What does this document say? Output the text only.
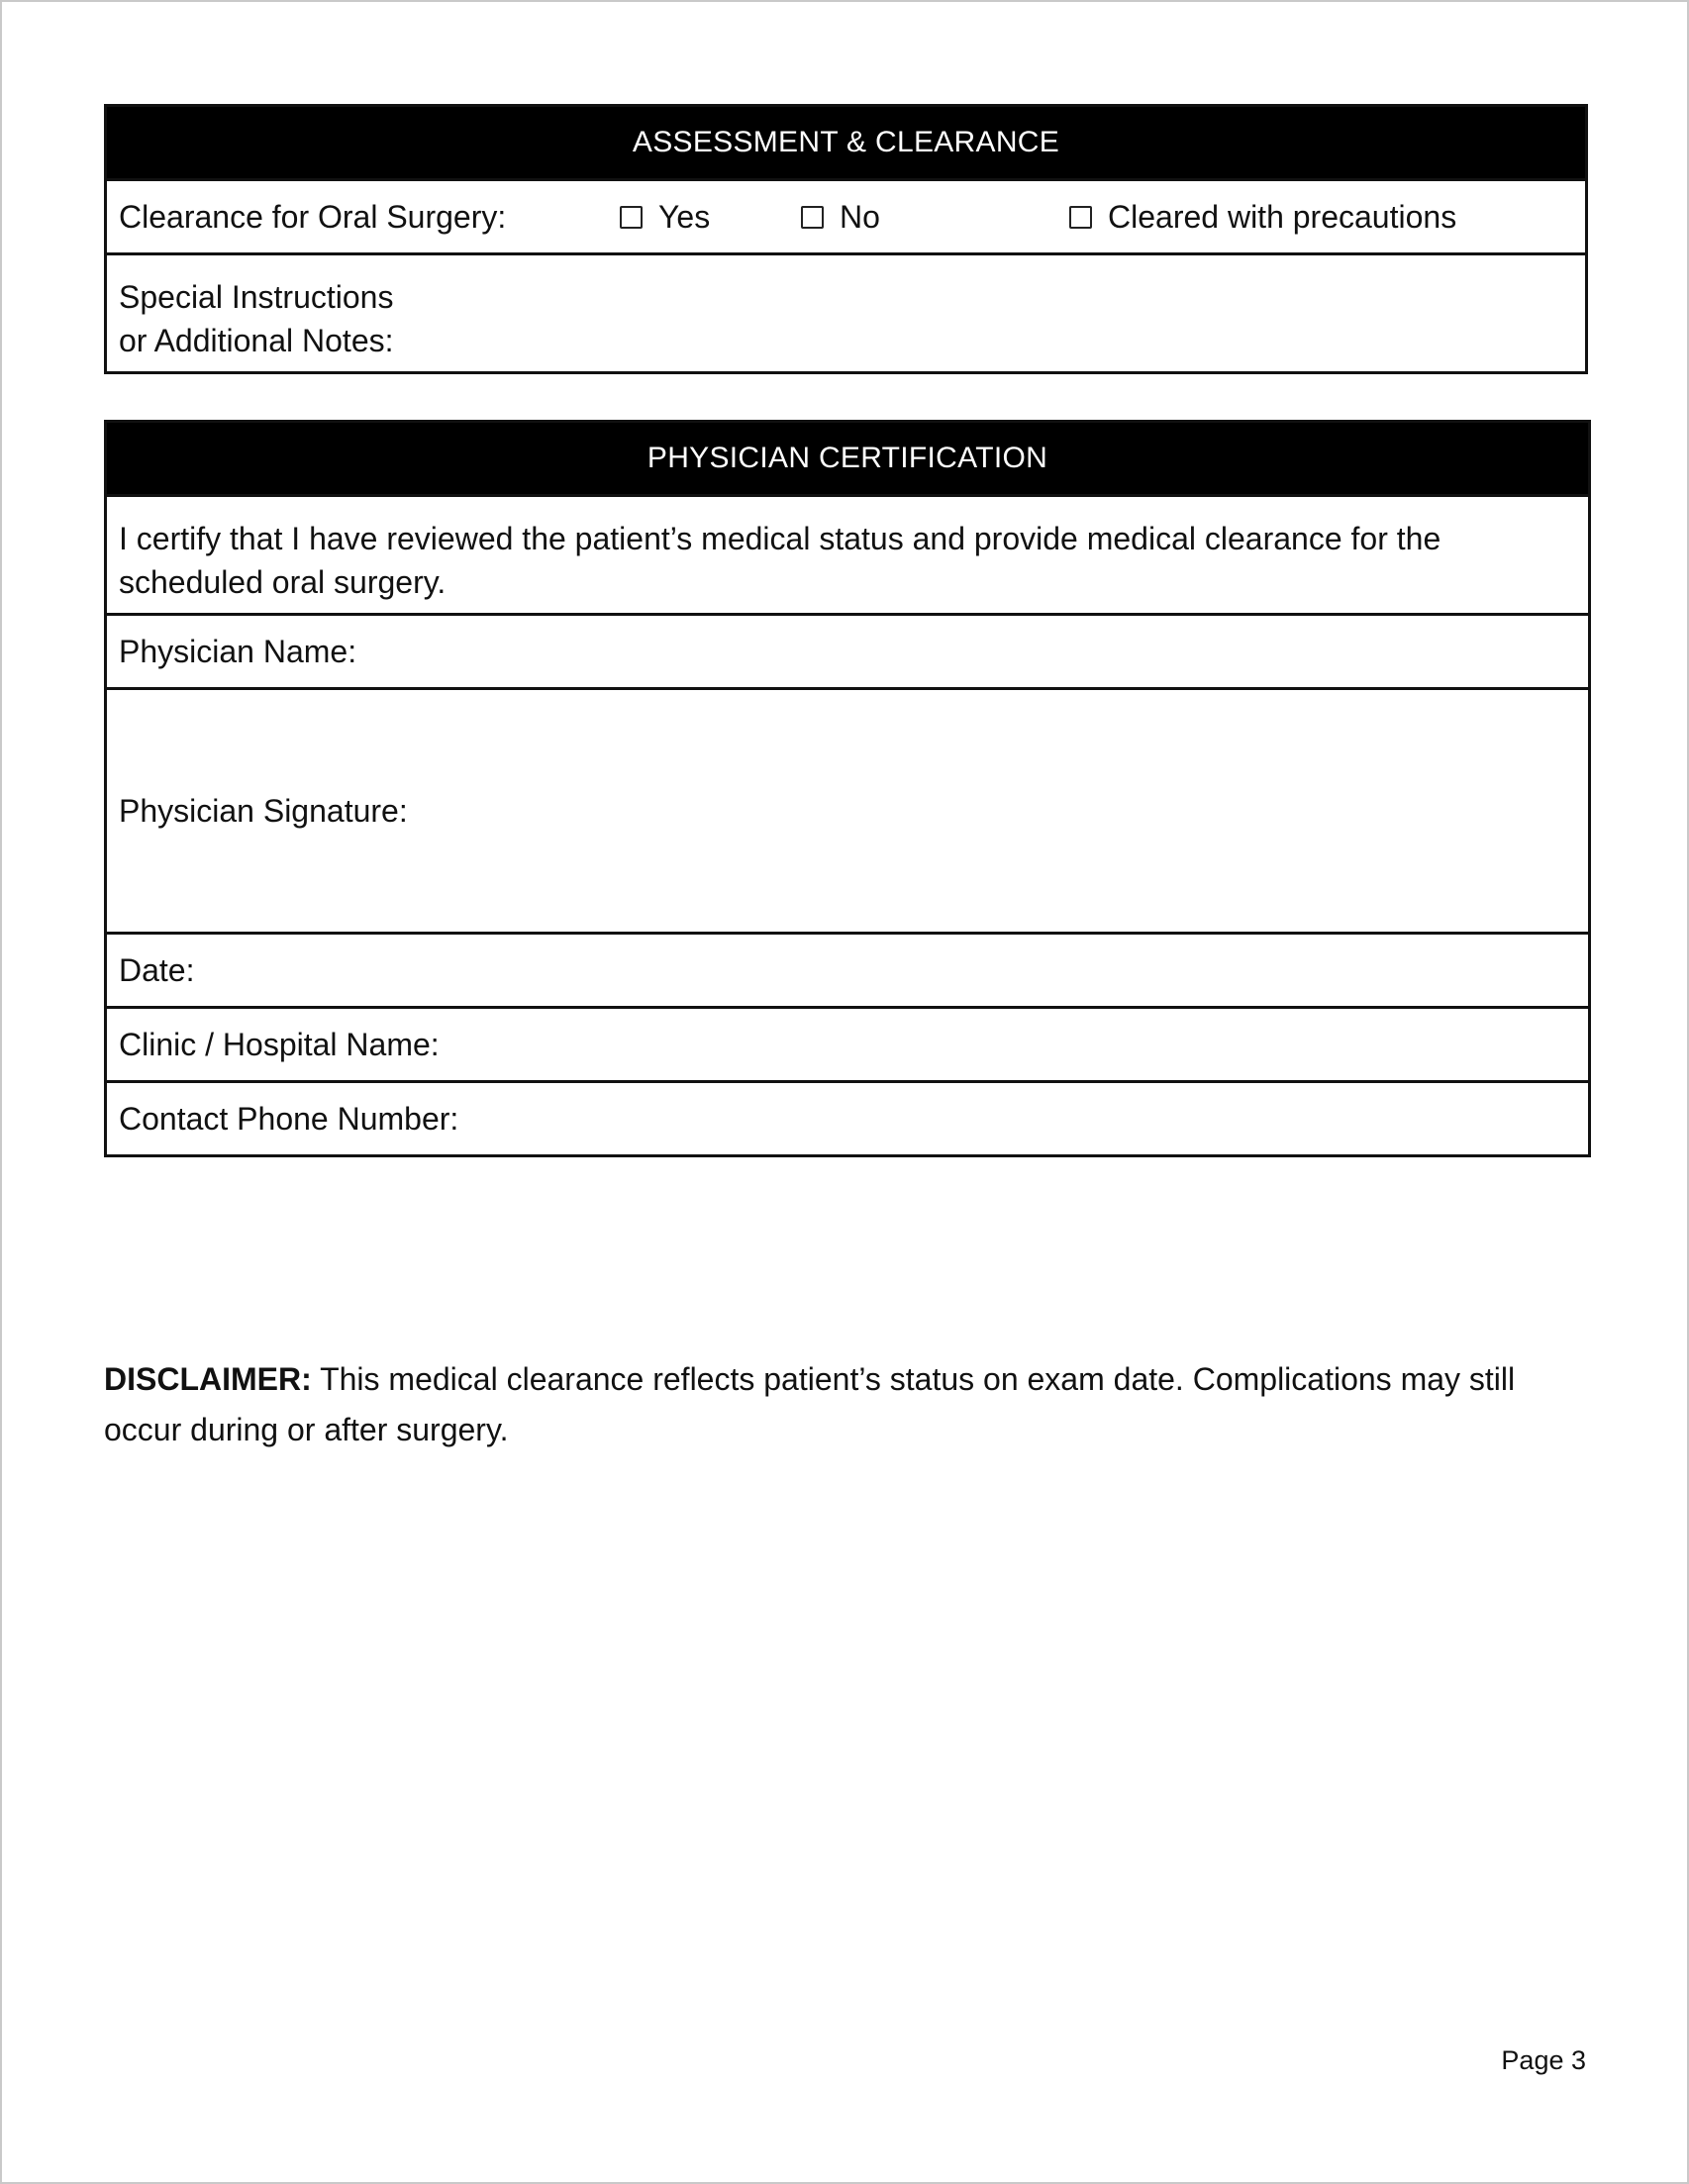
ASSESSMENT & CLEARANCE
Clearance for Oral Surgery:	Yes	No	Cleared with precautions
Special Instructions
or Additional Notes:
PHYSICIAN CERTIFICATION
I certify that I have reviewed the patient’s medical status and provide medical clearance for the scheduled oral surgery.
Physician Name:
Physician Signature:
Date:
Clinic / Hospital Name:
Contact Phone Number:
DISCLAIMER: This medical clearance reflects patient’s status on exam date. Complications may still occur during or after surgery.
Page 3
